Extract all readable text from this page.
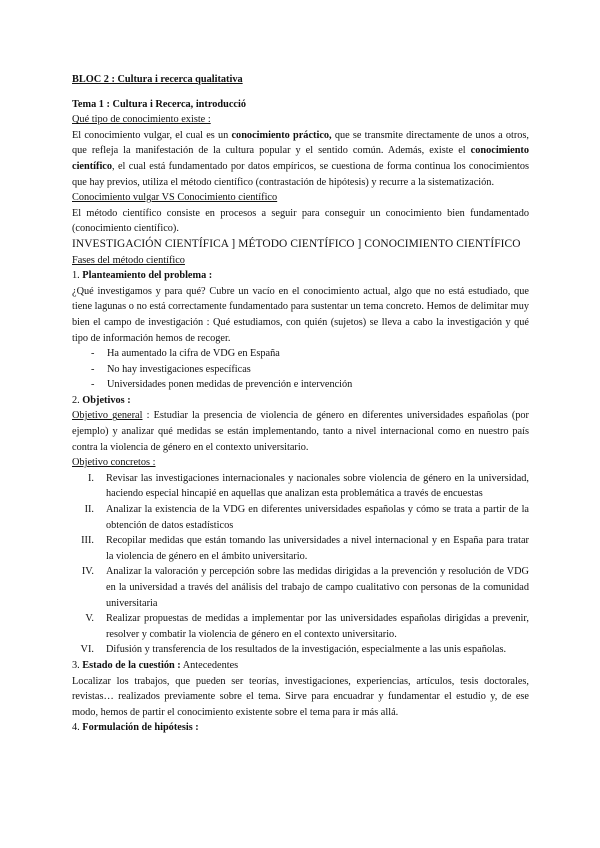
BLOC 2 : Cultura i recerca qualitativa
Tema 1 : Cultura i Recerca, introducció
Qué tipo de conocimiento existe :

El conocimiento vulgar, el cual es un conocimiento práctico, que se transmite directamente de unos a otros, que refleja la manifestación de la cultura popular y el sentido común. Además, existe el conocimiento científico, el cual está fundamentado por datos empíricos, se cuestiona de forma continua los conocimientos que hay previos, utiliza el método científico (contrastación de hipótesis) y recurre a la sistematización.

Conocimiento vulgar VS Conocimiento científico

El método científico consiste en procesos a seguir para conseguir un conocimiento bien fundamentado (conocimiento científico).

INVESTIGACIÓN CIENTÍFICA ] MÉTODO CIENTÍFICO ] CONOCIMIENTO CIENTÍFICO
Fases del método científico
1. Planteamiento del problema :

¿Qué investigamos y para qué? Cubre un vacío en el conocimiento actual, algo que no está estudiado, que tiene lagunas o no está correctamente fundamentado para sustentar un tema concreto. Hemos de delimitar muy bien el campo de investigación : Qué estudiamos, con quién (sujetos) se lleva a cabo la investigación y qué tipo de información hemos de recoger.

- Ha aumentado la cifra de VDG en España
- No hay investigaciones específicas
- Universidades ponen medidas de prevención e intervención
2. Objetivos :

Objetivo general : Estudiar la presencia de violencia de género en diferentes universidades españolas (por ejemplo) y analizar qué medidas se están implementando, tanto a nivel internacional como en nuestro país contra la violencia de género en el contexto universitario.

Objetivo concretos :
I. Revisar las investigaciones internacionales y nacionales sobre violencia de género en la universidad, haciendo especial hincapié en aquellas que analizan esta problemática a través de encuestas
II. Analizar la existencia de la VDG en diferentes universidades españolas y cómo se trata a partir de la obtención de datos estadísticos
III. Recopilar medidas que están tomando las universidades a nivel internacional y en España para tratar la violencia de género en el ámbito universitario.
IV. Analizar la valoración y percepción sobre las medidas dirigidas a la prevención y resolución de VDG en la universidad a través del análisis del trabajo de campo cualitativo con personas de la comunidad universitaria
V. Realizar propuestas de medidas a implementar por las universidades españolas dirigidas a prevenir, resolver y combatir la violencia de género en el contexto universitario.
VI. Difusión y transferencia de los resultados de la investigación, especialmente a las unis españolas.
3. Estado de la cuestión : Antecedentes

Localizar los trabajos, que pueden ser teorías, investigaciones, experiencias, artículos, tesis doctorales, revistas… realizados previamente sobre el tema. Sirve para encuadrar y fundamentar el estudio y, de ese modo, hemos de partir el conocimiento existente sobre el tema para ir más allá.

4. Formulación de hipótesis :
